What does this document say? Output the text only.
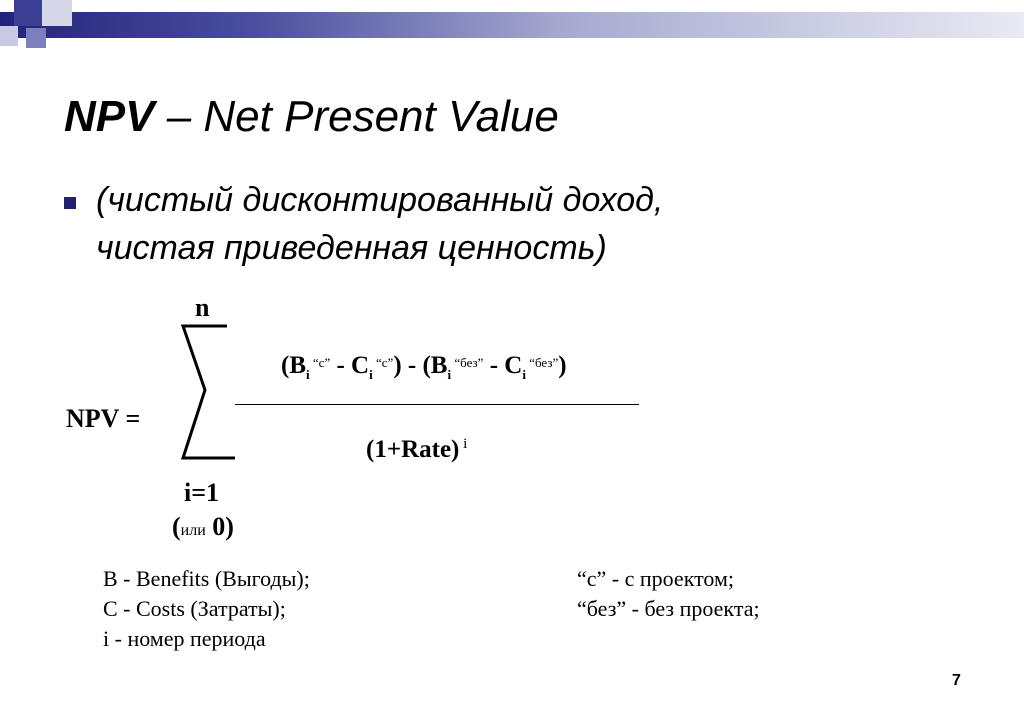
NPV – Net Present Value
(чистый дисконтированный доход,
чистая приведенная ценность)
n
NPV =
($B_i$ $^{“с”} - C_i$ $^{“с”}) - (B_i$ $^{“без”} - C_i$ $^{“без”}$)
(1+Rate) $^i$
i=1
(или 0)
B - Benefits (Выгоды);
C - Costs (Затраты);
i - номер периода
“с” - с проектом;
“без” - без проекта;
7
